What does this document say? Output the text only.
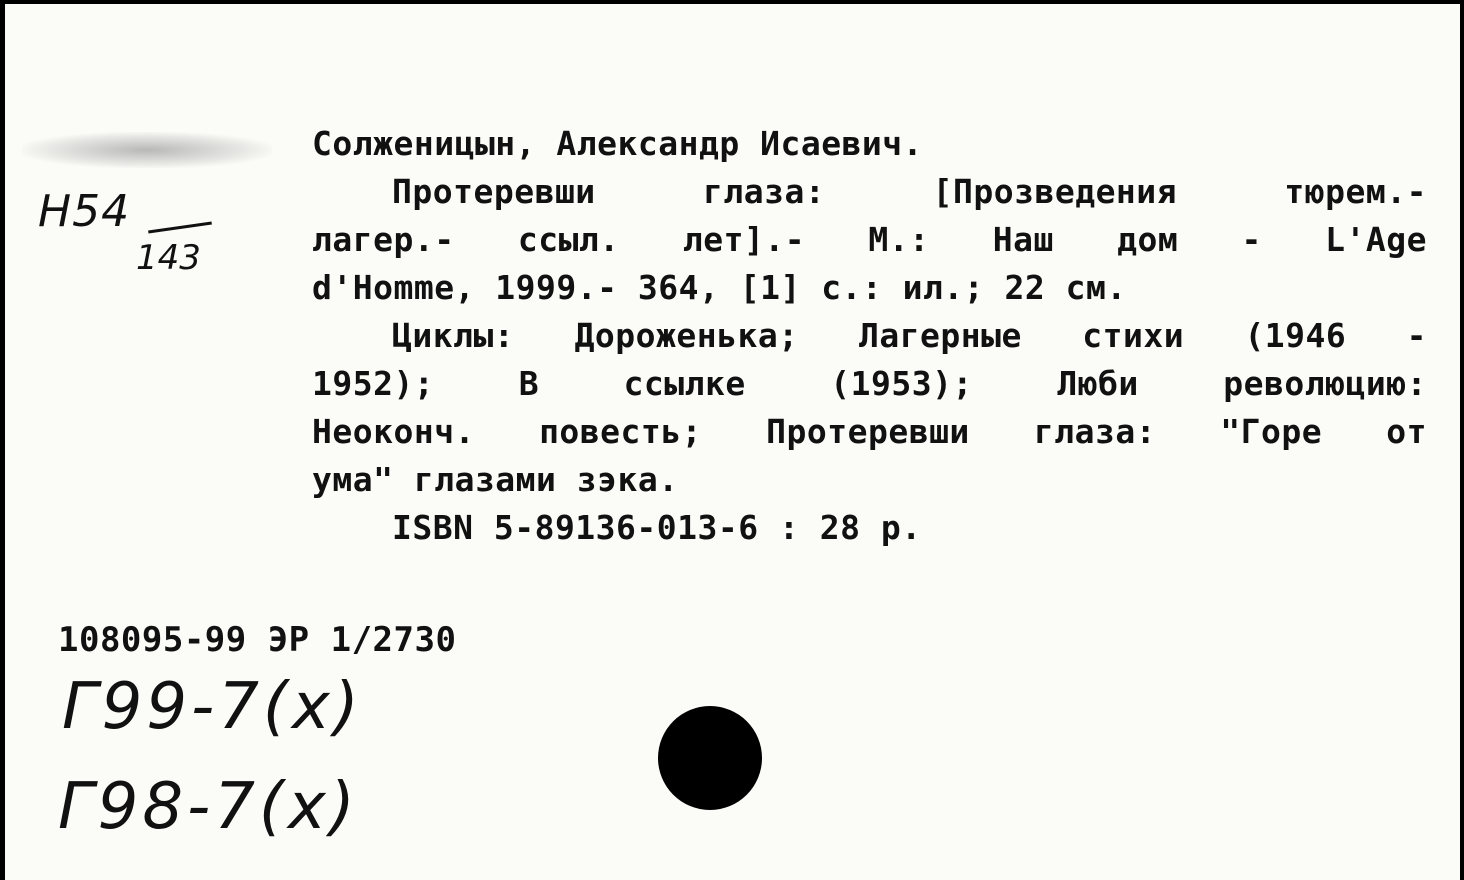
Н54
143
Солженицын, Александр Исаевич.
Протеревши	глаза:	[Прозведения	тюрем.-
лагер.- ссыл. лет].- М.: Наш дом - L'Age
d'Homme, 1999.- 364, [1] с.: ил.; 22 см.
Циклы: Дороженька; Лагерные стихи (1946 -
1952);	В	ссылке	(1953);	Люби	революцию:
Неоконч. повесть; Протеревши глаза: "Горе от
ума" глазами зэка.
ISBN 5-89136-013-6 : 28 р.
108095-99 ЭР 1/2730
Г99-7(x)
Г98-7(x)
